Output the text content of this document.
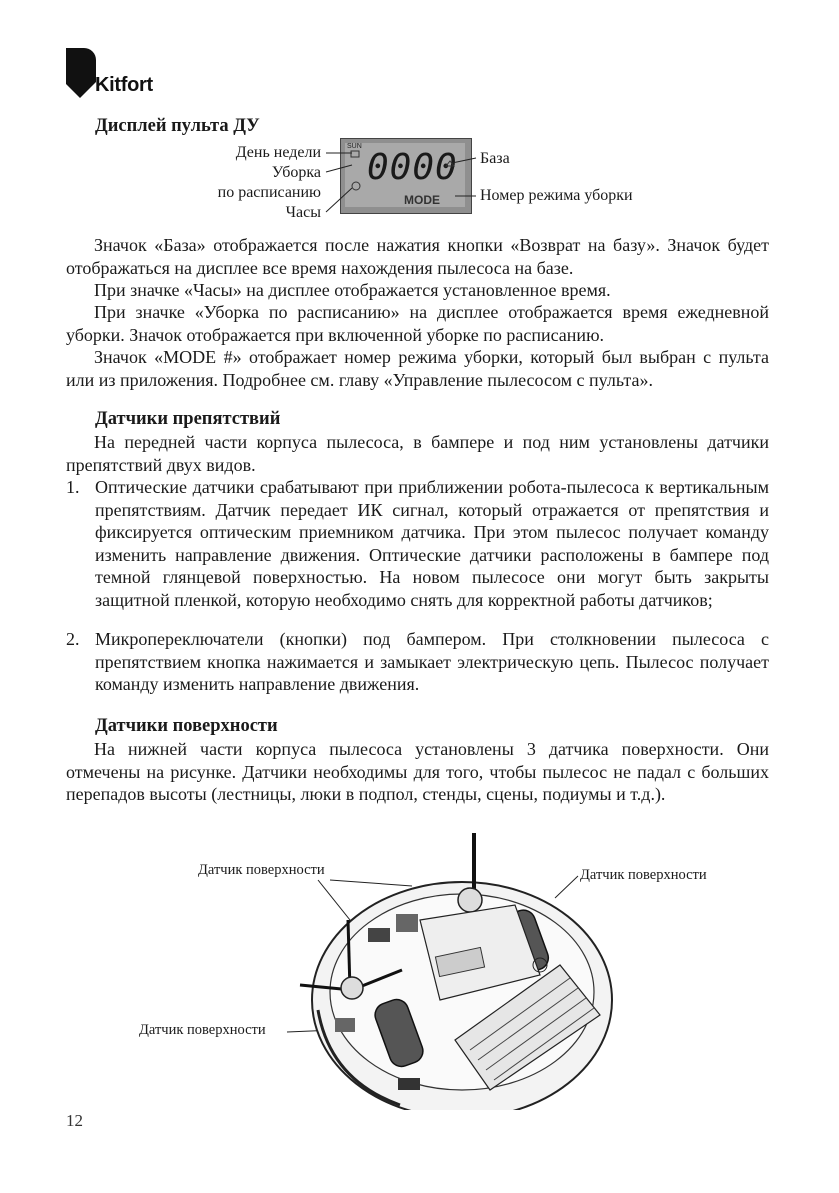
Kitfort
Дисплей пульта ДУ
День недели
Уборка
по расписанию
Часы
SUN
0000
MODE
База
Номер режима уборки
Значок «База» отображается после нажатия кнопки «Возврат на базу». Значок будет отображаться на дисплее все время нахождения пылесоса на базе.
При значке «Часы» на дисплее отображается установленное время.
При значке «Уборка по расписанию» на дисплее отображается время ежедневной уборки. Значок отображается при включенной уборке по расписанию.
Значок «MODE #» отображает номер режима уборки, который был выбран с пульта или из приложения. Подробнее см. главу «Управление пылесосом с пульта».
Датчики препятствий
На передней части корпуса пылесоса, в бампере и под ним установлены датчики препятствий двух видов.
1. Оптические датчики срабатывают при приближении робота-пылесоса к вертикальным препятствиям. Датчик передает ИК сигнал, который отражается от препятствия и фиксируется оптическим приемником датчика. При этом пылесос получает команду изменить направление движения. Оптические датчики расположены в бампере под темной глянцевой поверхностью. На новом пылесосе они могут быть закрыты защитной пленкой, которую необходимо снять для корректной работы датчиков;
2. Микропереключатели (кнопки) под бампером. При столкновении пылесоса с препятствием кнопка нажимается и замыкает электрическую цепь. Пылесос получает команду изменить направление движения.
Датчики поверхности
На нижней части корпуса пылесоса установлены 3 датчика поверхности. Они отмечены на рисунке. Датчики необходимы для того, чтобы пылесос не падал с больших перепадов высоты (лестницы, люки в подпол, стенды, сцены, подиумы и т.д.).
Датчик поверхности	Датчик поверхности
Датчик поверхности
12
